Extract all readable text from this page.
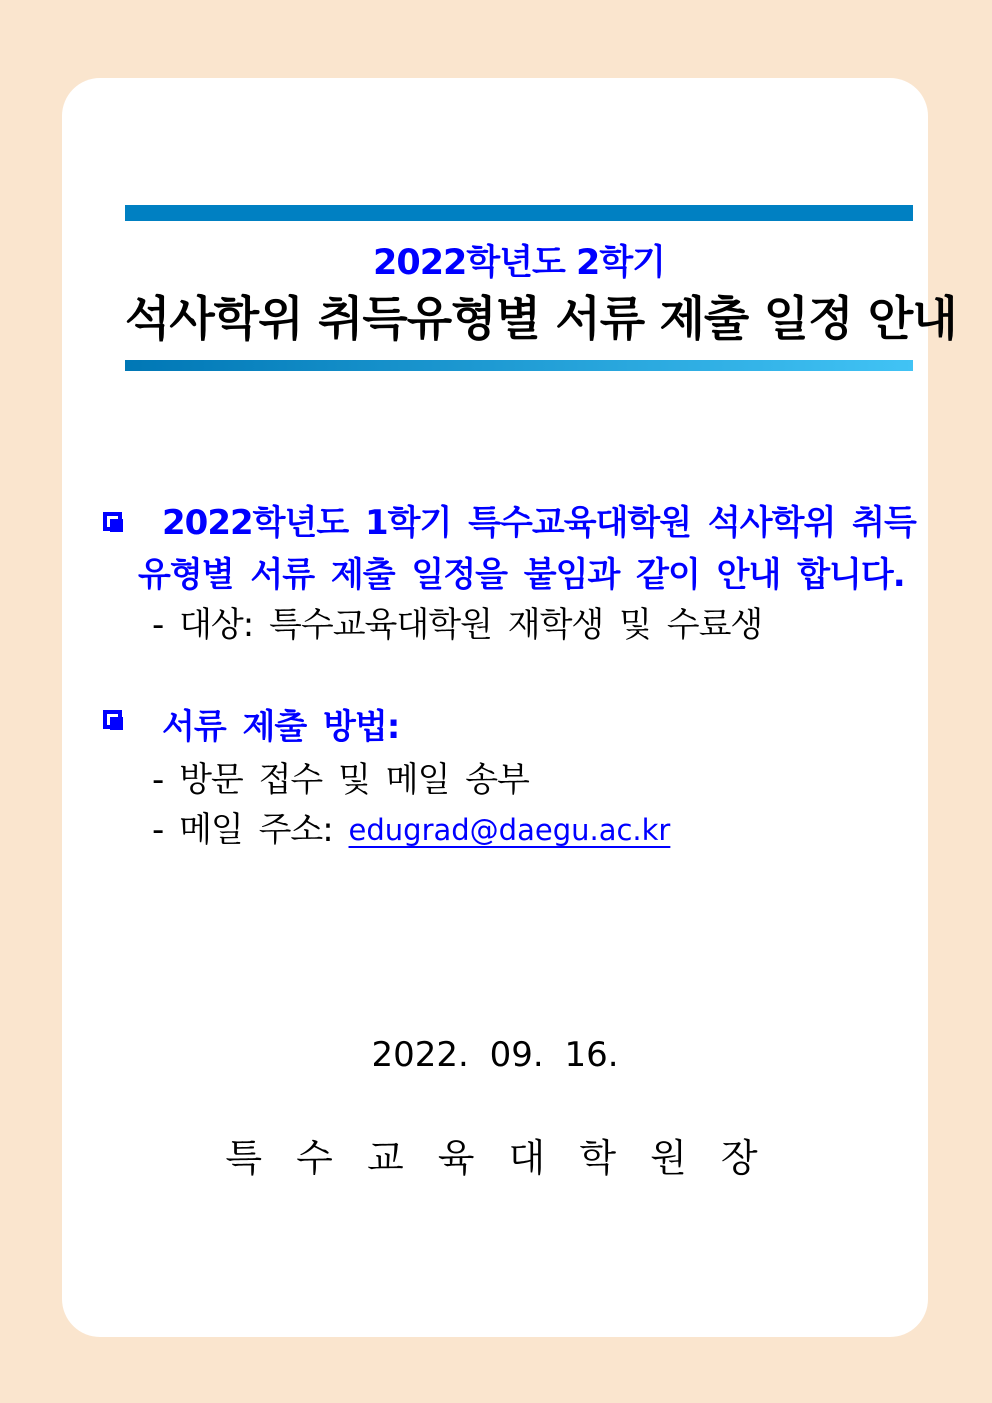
2022학년도 2학기
석사학위 취득유형별 서류 제출 일정 안내
2022학년도 1학기 특수교육대학원 석사학위 취득
유형별 서류 제출 일정을 붙임과 같이 안내 합니다.
- 대상: 특수교육대학원 재학생 및 수료생
서류 제출 방법:
- 방문 접수 및 메일 송부
- 메일 주소: edugrad@daegu.ac.kr
2022. 09. 16.
특 수 교 육 대 학 원 장
